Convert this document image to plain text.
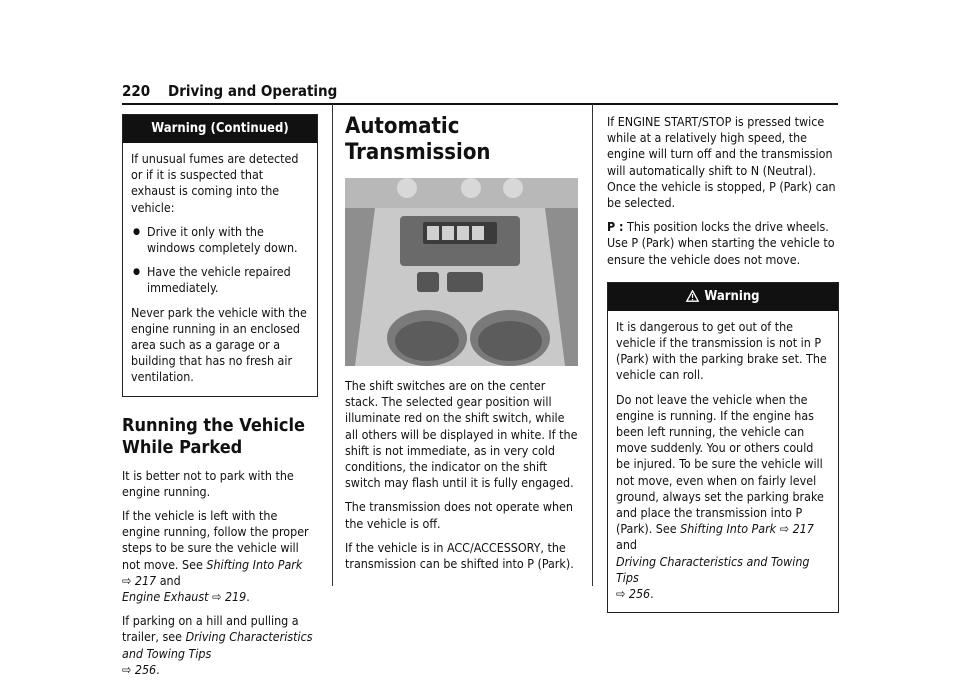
220 Driving and Operating
Warning (Continued)

If unusual fumes are detected or if it is suspected that exhaust is coming into the vehicle:

● Drive it only with the windows completely down.
● Have the vehicle repaired immediately.

Never park the vehicle with the engine running in an enclosed area such as a garage or a building that has no fresh air ventilation.

Running the Vehicle While Parked

It is better not to park with the engine running.

If the vehicle is left with the engine running, follow the proper steps to be sure the vehicle will not move. See Shifting Into Park
⇨ 217 and
Engine Exhaust ⇨ 219.

If parking on a hill and pulling a trailer, see Driving Characteristics and Towing Tips
⇨ 256.

Automatic Transmission

The shift switches are on the center stack. The selected gear position will illuminate red on the shift switch, while all others will be displayed in white. If the shift is not immediate, as in very cold conditions, the indicator on the shift switch may flash until it is fully engaged.

The transmission does not operate when the vehicle is off.

If the vehicle is in ACC/ACCESSORY, the transmission can be shifted into P (Park).

If ENGINE START/STOP is pressed twice while at a relatively high speed, the engine will turn off and the transmission will automatically shift to N (Neutral). Once the vehicle is stopped, P (Park) can be selected.

P : This position locks the drive wheels. Use P (Park) when starting the vehicle to ensure the vehicle does not move.

Warning

It is dangerous to get out of the vehicle if the transmission is not in P (Park) with the parking brake set. The vehicle can roll.

Do not leave the vehicle when the engine is running. If the engine has been left running, the vehicle can move suddenly. You or others could be injured. To be sure the vehicle will not move, even when on fairly level ground, always set the parking brake and place the transmission into P (Park). See Shifting Into Park ⇨ 217 and
Driving Characteristics and Towing Tips
⇨ 256.
